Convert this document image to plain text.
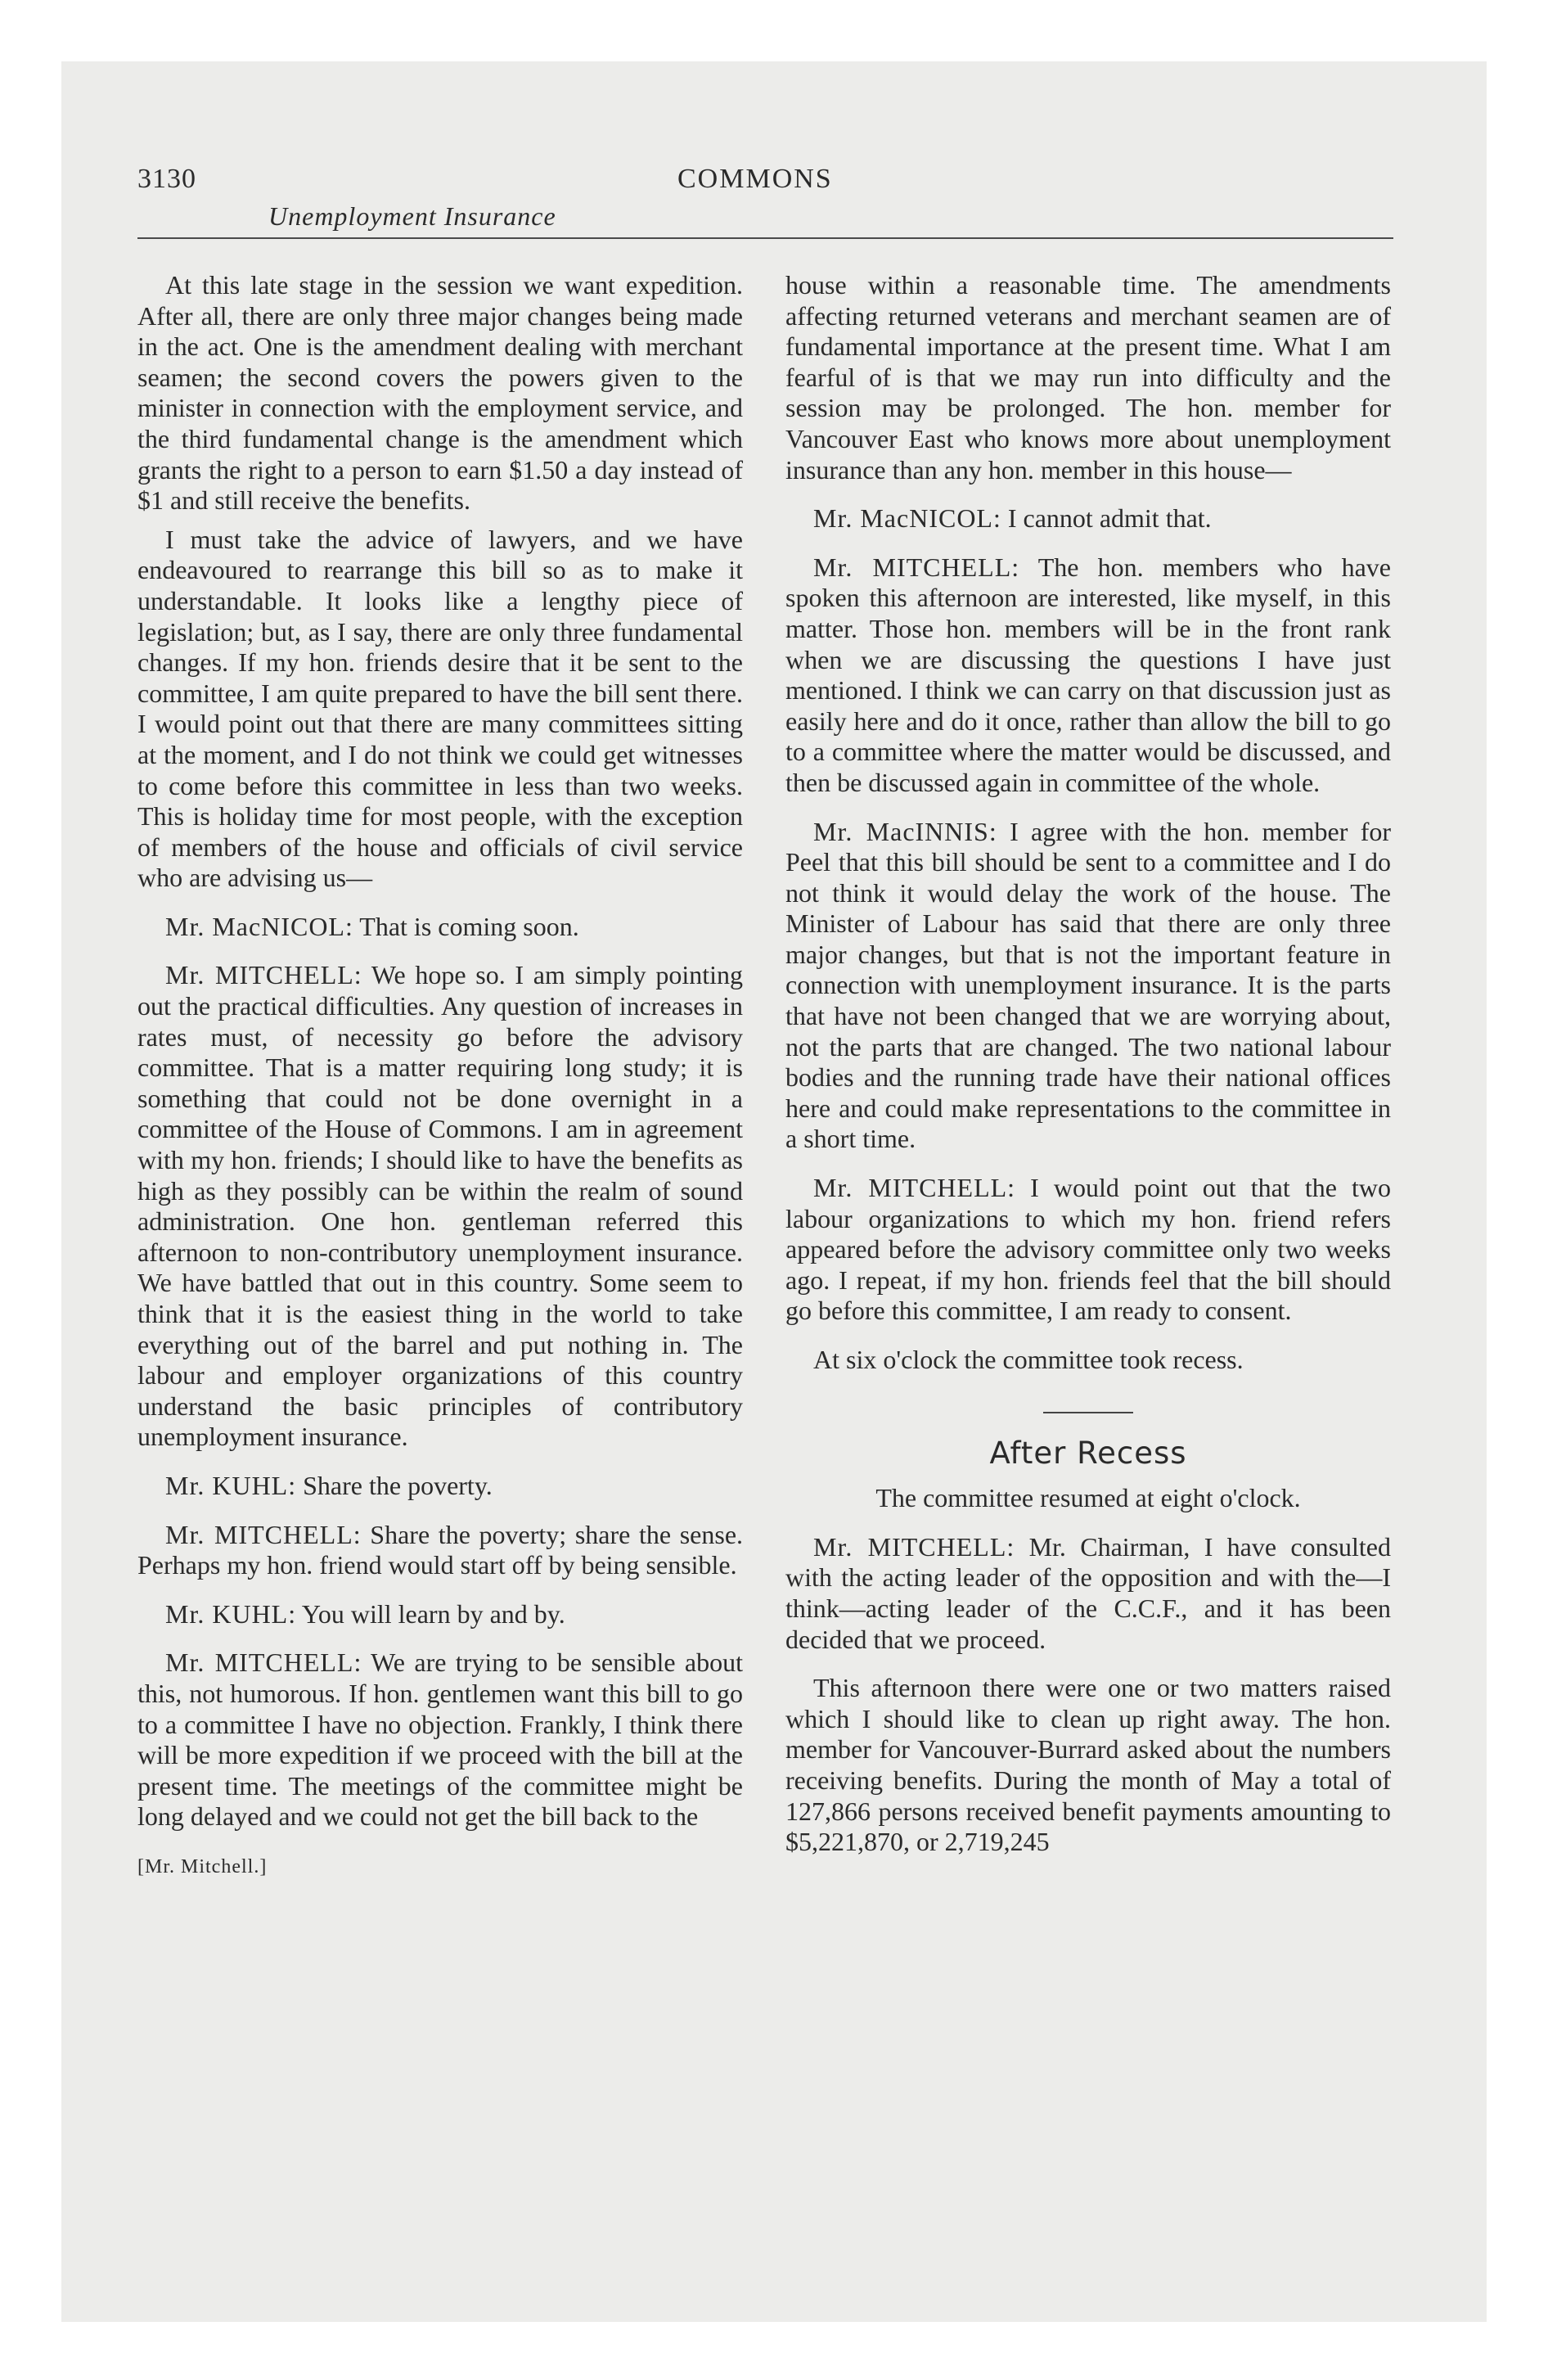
3130	COMMONS
Unemployment Insurance

At this late stage in the session we want expedition. After all, there are only three major changes being made in the act. One is the amendment dealing with merchant seamen; the second covers the powers given to the minister in connection with the employment service, and the third fundamental change is the amendment which grants the right to a person to earn $1.50 a day instead of $1 and still receive the benefits.

I must take the advice of lawyers, and we have endeavoured to rearrange this bill so as to make it understandable. It looks like a lengthy piece of legislation; but, as I say, there are only three fundamental changes. If my hon. friends desire that it be sent to the committee, I am quite prepared to have the bill sent there. I would point out that there are many committees sitting at the moment, and I do not think we could get witnesses to come before this committee in less than two weeks. This is holiday time for most people, with the exception of members of the house and officials of civil service who are advising us—

Mr. MacNICOL: That is coming soon.

Mr. MITCHELL: We hope so. I am simply pointing out the practical difficulties. Any question of increases in rates must, of necessity go before the advisory committee. That is a matter requiring long study; it is something that could not be done overnight in a committee of the House of Commons. I am in agreement with my hon. friends; I should like to have the benefits as high as they possibly can be within the realm of sound administration. One hon. gentleman referred this afternoon to non-contributory unemployment insurance. We have battled that out in this country. Some seem to think that it is the easiest thing in the world to take everything out of the barrel and put nothing in. The labour and employer organizations of this country understand the basic principles of contributory unemployment insurance.

Mr. KUHL: Share the poverty.

Mr. MITCHELL: Share the poverty; share the sense. Perhaps my hon. friend would start off by being sensible.

Mr. KUHL: You will learn by and by.

Mr. MITCHELL: We are trying to be sensible about this, not humorous. If hon. gentlemen want this bill to go to a committee I have no objection. Frankly, I think there will be more expedition if we proceed with the bill at the present time. The meetings of the committee might be long delayed and we could not get the bill back to the

[Mr. Mitchell.]

house within a reasonable time. The amendments affecting returned veterans and merchant seamen are of fundamental importance at the present time. What I am fearful of is that we may run into difficulty and the session may be prolonged. The hon. member for Vancouver East who knows more about unemployment insurance than any hon. member in this house—

Mr. MacNICOL: I cannot admit that.

Mr. MITCHELL: The hon. members who have spoken this afternoon are interested, like myself, in this matter. Those hon. members will be in the front rank when we are discussing the questions I have just mentioned. I think we can carry on that discussion just as easily here and do it once, rather than allow the bill to go to a committee where the matter would be discussed, and then be discussed again in committee of the whole.

Mr. MacINNIS: I agree with the hon. member for Peel that this bill should be sent to a committee and I do not think it would delay the work of the house. The Minister of Labour has said that there are only three major changes, but that is not the important feature in connection with unemployment insurance. It is the parts that have not been changed that we are worrying about, not the parts that are changed. The two national labour bodies and the running trade have their national offices here and could make representations to the committee in a short time.

Mr. MITCHELL: I would point out that the two labour organizations to which my hon. friend refers appeared before the advisory committee only two weeks ago. I repeat, if my hon. friends feel that the bill should go before this committee, I am ready to consent.

At six o'clock the committee took recess.

After Recess

The committee resumed at eight o'clock.

Mr. MITCHELL: Mr. Chairman, I have consulted with the acting leader of the opposition and with the—I think—acting leader of the C.C.F., and it has been decided that we proceed.

This afternoon there were one or two matters raised which I should like to clean up right away. The hon. member for Vancouver-Burrard asked about the numbers receiving benefits. During the month of May a total of 127,866 persons received benefit payments amounting to $5,221,870, or 2,719,245
